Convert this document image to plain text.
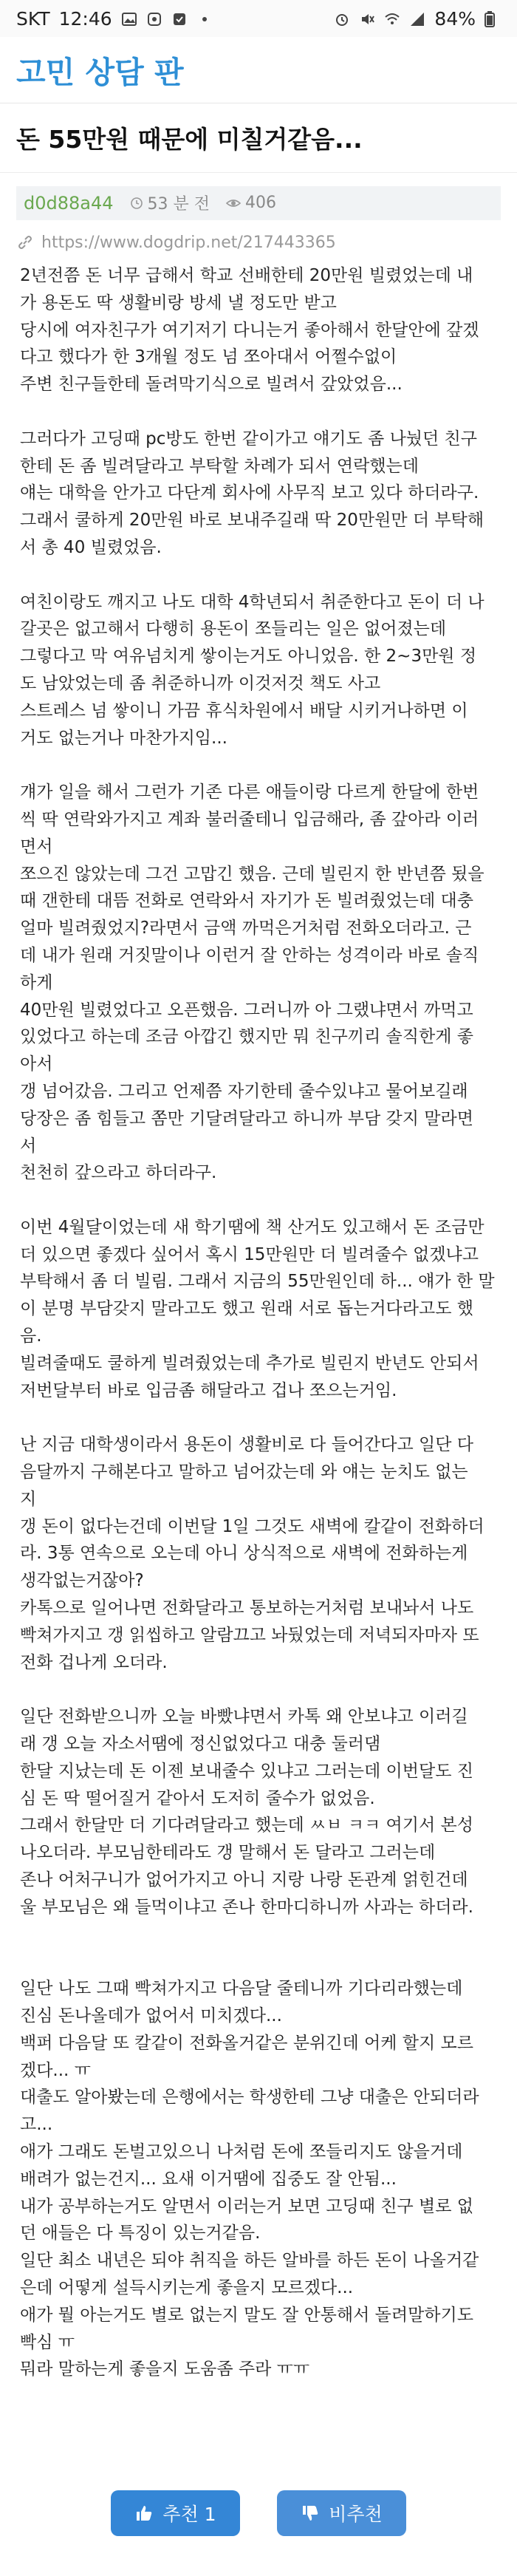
SKT 12:46	84%
고민 상담 판
돈 55만원 때문에 미칠거같음...
d0d88a44 53 분 전 406
https://www.dogdrip.net/217443365
2년전쯤 돈 너무 급해서 학교 선배한테 20만원 빌렸었는데 내
가 용돈도 딱 생활비랑 방세 낼 정도만 받고
당시에 여자친구가 여기저기 다니는거 좋아해서 한달안에 갚겠
다고 했다가 한 3개월 정도 넘 쪼아대서 어쩔수없이
주변 친구들한테 돌려막기식으로 빌려서 갚았었음...
그러다가 고딩때 pc방도 한번 같이가고 얘기도 좀 나눴던 친구
한테 돈 좀 빌려달라고 부탁할 차례가 되서 연락했는데
얘는 대학을 안가고 다단계 회사에 사무직 보고 있다 하더라구.
그래서 쿨하게 20만원 바로 보내주길래 딱 20만원만 더 부탁해
서 총 40 빌렸었음.
여친이랑도 깨지고 나도 대학 4학년되서 취준한다고 돈이 더 나
갈곳은 없고해서 다행히 용돈이 쪼들리는 일은 없어졌는데
그렇다고 막 여유넘치게 쌓이는거도 아니었음. 한 2~3만원 정
도 남았었는데 좀 취준하니까 이것저것 책도 사고
스트레스 넘 쌓이니 가끔 휴식차원에서 배달 시키거나하면 이
거도 없는거나 마찬가지임...
걔가 일을 해서 그런가 기존 다른 애들이랑 다르게 한달에 한번
씩 딱 연락와가지고 계좌 불러줄테니 입금해라, 좀 갚아라 이러
면서
쪼으진 않았는데 그건 고맙긴 했음. 근데 빌린지 한 반년쯤 됬을
때 갠한테 대뜸 전화로 연락와서 자기가 돈 빌려줬었는데 대충
얼마 빌려줬었지?라면서 금액 까먹은거처럼 전화오더라고. 근
데 내가 원래 거짓말이나 이런거 잘 안하는 성격이라 바로 솔직
하게
40만원 빌렸었다고 오픈했음. 그러니까 아 그랬냐면서 까먹고
있었다고 하는데 조금 아깝긴 했지만 뭐 친구끼리 솔직한게 좋
아서
갱 넘어갔음. 그리고 언제쯤 자기한테 줄수있냐고 물어보길래
당장은 좀 힘들고 쫌만 기달려달라고 하니까 부담 갖지 말라면
서
천천히 갚으라고 하더라구.
이번 4월달이었는데 새 학기땜에 책 산거도 있고해서 돈 조금만
더 있으면 좋겠다 싶어서 혹시 15만원만 더 빌려줄수 없겠냐고
부탁해서 좀 더 빌림. 그래서 지금의 55만원인데 하... 얘가 한 말
이 분명 부담갖지 말라고도 했고 원래 서로 돕는거다라고도 했
음.
빌려줄때도 쿨하게 빌려줬었는데 추가로 빌린지 반년도 안되서
저번달부터 바로 입금좀 해달라고 겁나 쪼으는거임.
난 지금 대학생이라서 용돈이 생활비로 다 들어간다고 일단 다
음달까지 구해본다고 말하고 넘어갔는데 와 얘는 눈치도 없는
지
갱 돈이 없다는건데 이번달 1일 그것도 새벽에 칼같이 전화하더
라. 3통 연속으로 오는데 아니 상식적으로 새벽에 전화하는게
생각없는거잖아?
카톡으로 일어나면 전화달라고 통보하는거처럼 보내놔서 나도
빡쳐가지고 갱 읽씹하고 알람끄고 놔뒀었는데 저녁되자마자 또
전화 겁나게 오더라.
일단 전화받으니까 오늘 바빴냐면서 카톡 왜 안보냐고 이러길
래 갱 오늘 자소서땜에 정신없었다고 대충 둘러댐
한달 지났는데 돈 이젠 보내줄수 있냐고 그러는데 이번달도 진
심 돈 딱 떨어질거 같아서 도저히 줄수가 없었음.
그래서 한달만 더 기다려달라고 했는데 ㅆㅂ ㅋㅋ 여기서 본성
나오더라. 부모님한테라도 갱 말해서 돈 달라고 그러는데
존나 어처구니가 없어가지고 아니 지랑 나랑 돈관계 얽힌건데
울 부모님은 왜 들먹이냐고 존나 한마디하니까 사과는 하더라.

일단 나도 그때 빡쳐가지고 다음달 줄테니까 기다리라했는데
진심 돈나올데가 없어서 미치겠다...
백퍼 다음달 또 칼같이 전화올거같은 분위긴데 어케 할지 모르
겠다... ㅠ
대출도 알아봤는데 은행에서는 학생한테 그냥 대출은 안되더라
고...
애가 그래도 돈벌고있으니 나처럼 돈에 쪼들리지도 않을거데
배려가 없는건지... 요새 이거땜에 집중도 잘 안됨...
내가 공부하는거도 알면서 이러는거 보면 고딩때 친구 별로 없
던 애들은 다 특징이 있는거같음.
일단 최소 내년은 되야 취직을 하든 알바를 하든 돈이 나올거같
은데 어떻게 설득시키는게 좋을지 모르겠다...
애가 뭘 아는거도 별로 없는지 말도 잘 안통해서 돌려말하기도
빡심 ㅠ
뭐라 말하는게 좋을지 도움좀 주라 ㅠㅠ
추천 1	비추천
